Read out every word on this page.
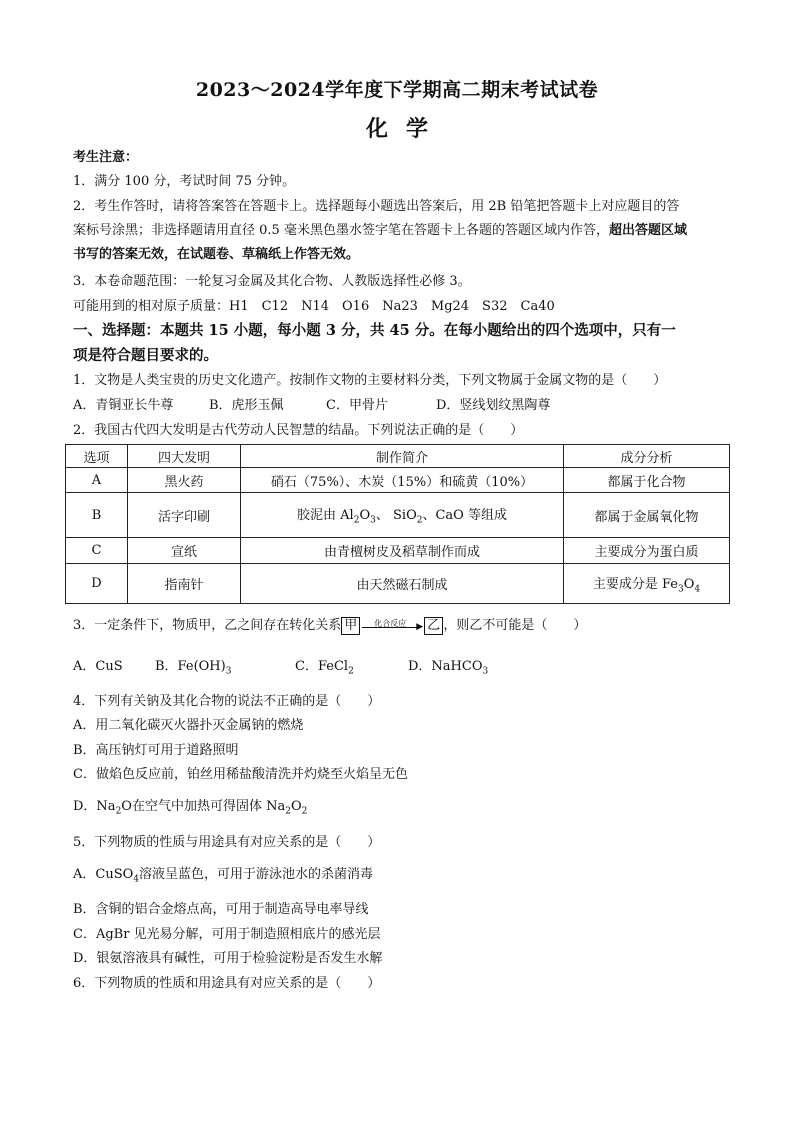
2023～2024学年度下学期高二期末考试试卷
化学
考生注意：
1．满分 100 分，考试时间 75 分钟。
2．考生作答时，请将答案答在答题卡上。选择题每小题选出答案后，用 2B 铅笔把答题卡上对应题目的答
案标号涂黑；非选择题请用直径 0.5 毫米黑色墨水签字笔在答题卡上各题的答题区域内作答，超出答题区域
书写的答案无效，在试题卷、草稿纸上作答无效。
3．本卷命题范围：一轮复习金属及其化合物、人教版选择性必修 3。
可能用到的相对原子质量：H1　C12　N14　O16　Na23　Mg24　S32　Ca40
一、选择题：本题共 15 小题，每小题 3 分，共 45 分。在每小题给出的四个选项中，只有一
项是符合题目要求的。
1．文物是人类宝贵的历史文化遗产。按制作文物的主要材料分类，下列文物属于金属文物的是（　　）
A．青铜亚长牛尊	B．虎形玉佩	C．甲骨片	D．竖线划纹黑陶尊
2．我国古代四大发明是古代劳动人民智慧的结晶。下列说法正确的是（　　）
选项	四大发明	制作简介	成分分析
A	黑火药	硝石（75%）、木炭（15%）和硫黄（10%）	都属于化合物
B	活字印刷	胶泥由 $Al_2O_3$、 SiO$_2$、CaO 等组成	都属于金属氧化物
C	宣纸	由青檀树皮及稻草制作而成	主要成分为蛋白质
D	指南针	由天然磁石制成	主要成分是 $Fe_3O_4$
3．一定条件下，物质甲，乙之间存在转化关系 甲	化合反应	▶ 乙 ，则乙不可能是（　　）
A．CuS B．$Fe(OH)_3$	C．FeCl$_2$	D．NaHCO$_3$
4．下列有关钠及其化合物的说法不正确的是（　　）
A．用二氧化碳灭火器扑灭金属钠的燃烧
B．高压钠灯可用于道路照明
C．做焰色反应前，铂丝用稀盐酸清洗并灼烧至火焰呈无色
D．$Na_2O$在空气中加热可得固体 $Na_2O_2$
5．下列物质的性质与用途具有对应关系的是（　　）
A．CuSO$_4$溶液呈蓝色，可用于游泳池水的杀菌消毒
B．含铜的铝合金熔点高，可用于制造高导电率导线
C．AgBr 见光易分解，可用于制造照相底片的感光层
D．银氨溶液具有碱性，可用于检验淀粉是否发生水解
6．下列物质的性质和用途具有对应关系的是（　　）
